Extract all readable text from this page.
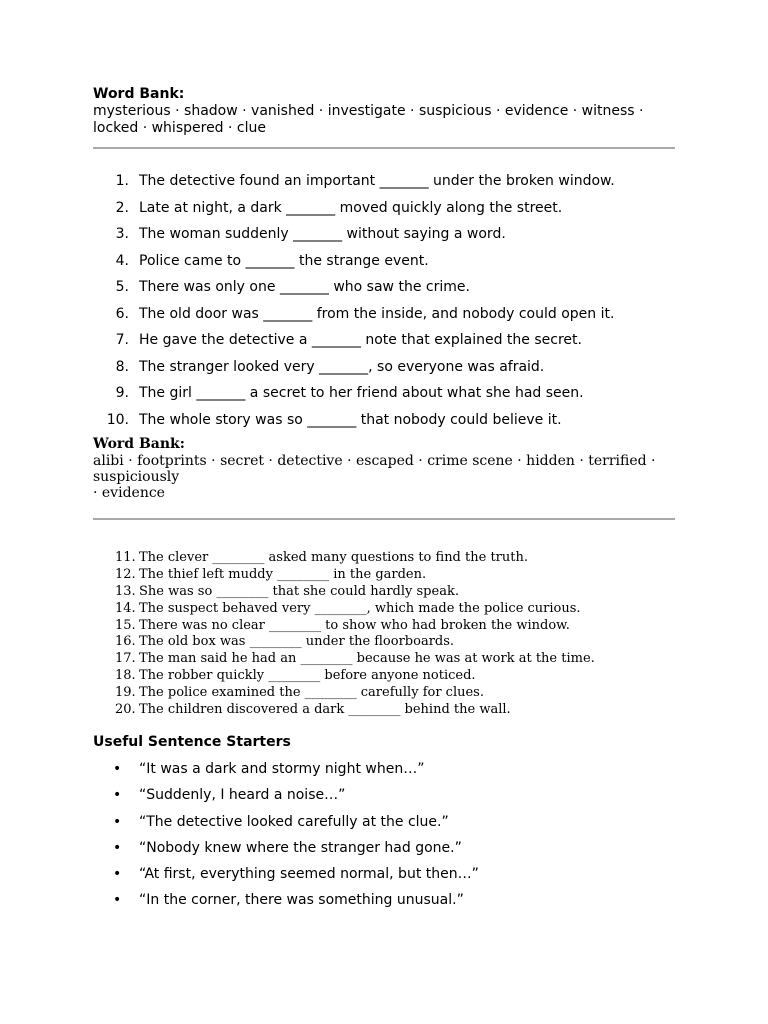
Word Bank:
mysterious · shadow · vanished · investigate · suspicious · evidence · witness ·
locked · whispered · clue
1. The detective found an important _______ under the broken window.
2. Late at night, a dark _______ moved quickly along the street.
3. The woman suddenly _______ without saying a word.
4. Police came to _______ the strange event.
5. There was only one _______ who saw the crime.
6. The old door was _______ from the inside, and nobody could open it.
7. He gave the detective a _______ note that explained the secret.
8. The stranger looked very _______, so everyone was afraid.
9. The girl _______ a secret to her friend about what she had seen.
10. The whole story was so _______ that nobody could believe it.
Word Bank:
alibi · footprints · secret · detective · escaped · crime scene · hidden · terrified · suspiciously
· evidence
11. The clever ________ asked many questions to find the truth.
12. The thief left muddy ________ in the garden.
13. She was so ________ that she could hardly speak.
14. The suspect behaved very ________, which made the police curious.
15. There was no clear ________ to show who had broken the window.
16. The old box was ________ under the floorboards.
17. The man said he had an ________ because he was at work at the time.
18. The robber quickly ________ before anyone noticed.
19. The police examined the ________ carefully for clues.
20. The children discovered a dark ________ behind the wall.
Useful Sentence Starters
• “It was a dark and stormy night when…”
• “Suddenly, I heard a noise…”
• “The detective looked carefully at the clue.”
• “Nobody knew where the stranger had gone.”
• “At first, everything seemed normal, but then…”
• “In the corner, there was something unusual.”
